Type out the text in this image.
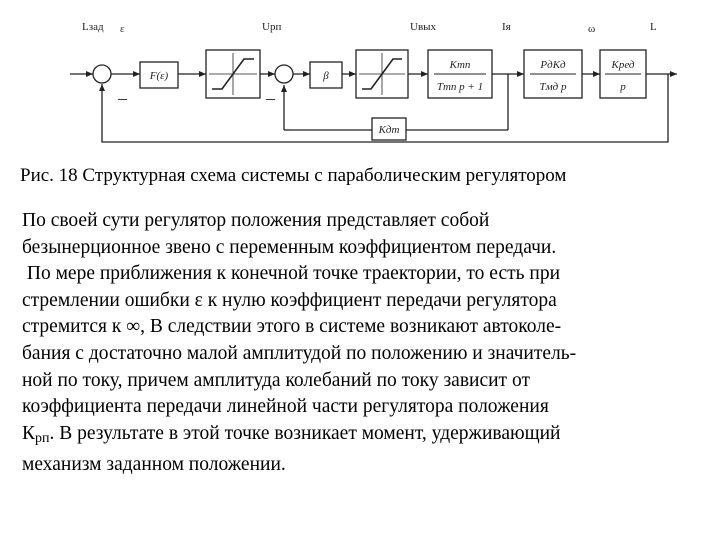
Lзад ε	Uрп	Uвых	Iя	ω	L
F(ε)	β
Kтп
Tтп p + 1
PдKд
Tмд p
Kред
p
Kдт
–	–
Рис. 18 Структурная схема системы с параболическим регулятором
По своей сути регулятор положения представляет собой
безынерционное звено с переменным коэффициентом передачи.
По мере приближения к конечной точке траектории, то есть при
стремлении ошибки ε к нулю коэффициент передачи регулятора
стремится к ∞, В следствии этого в системе возникают автоколе-
бания с достаточно малой амплитудой по положению и значитель-
ной по току, причем амплитуда колебаний по току зависит от
коэффициента передачи линейной части регулятора положения
Крп. В результате в этой точке возникает момент, удерживающий
механизм заданном положении.
